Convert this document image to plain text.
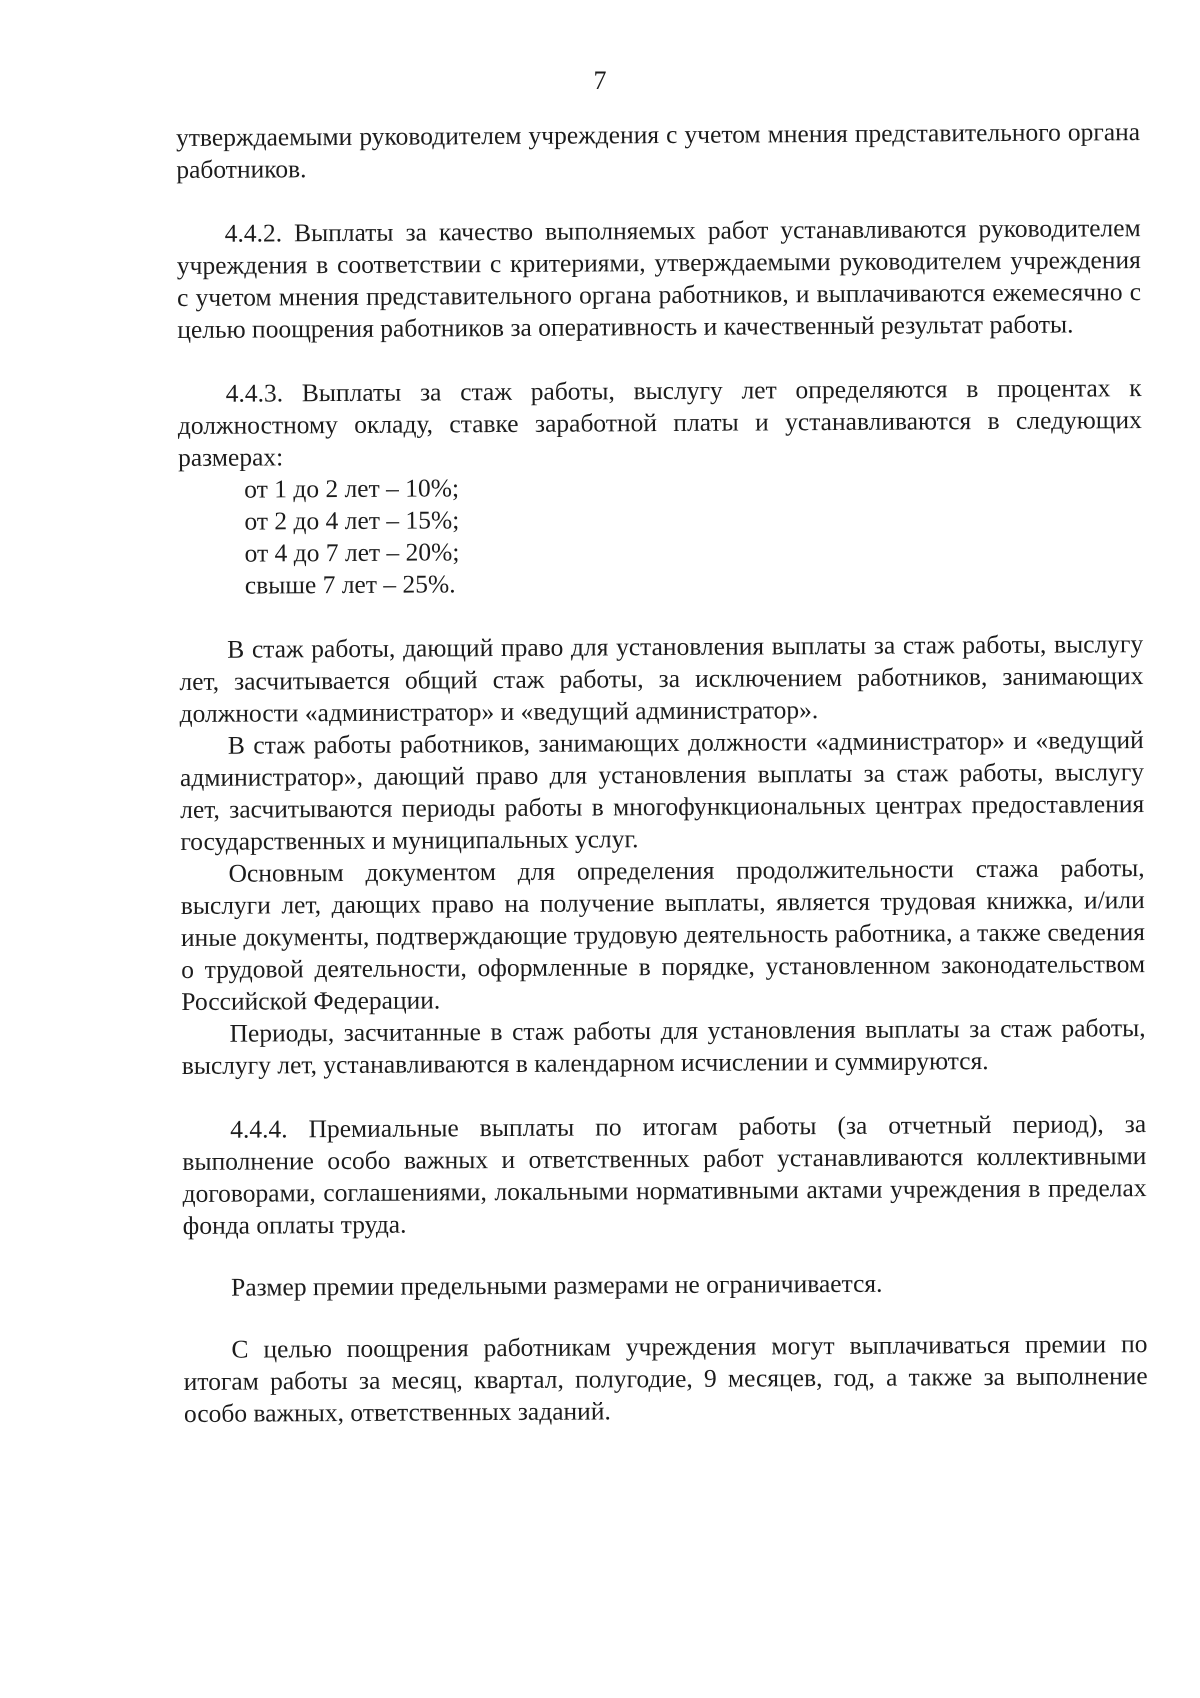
7

утверждаемыми руководителем учреждения с учетом мнения представительного органа работников.

4.4.2. Выплаты за качество выполняемых работ устанавливаются руководителем учреждения в соответствии с критериями, утверждаемыми руководителем учреждения с учетом мнения представительного органа работников, и выплачиваются ежемесячно с целью поощрения работников за оперативность и качественный результат работы.

4.4.3. Выплаты за стаж работы, выслугу лет определяются в процентах к должностному окладу, ставке заработной платы и устанавливаются в следующих размерах:

от 1 до 2 лет – 10%;
от 2 до 4 лет – 15%;
от 4 до 7 лет – 20%;
свыше 7 лет – 25%.

В стаж работы, дающий право для установления выплаты за стаж работы, выслугу лет, засчитывается общий стаж работы, за исключением работников, занимающих должности «администратор» и «ведущий администратор».

В стаж работы работников, занимающих должности «администратор» и «ведущий администратор», дающий право для установления выплаты за стаж работы, выслугу лет, засчитываются периоды работы в многофункциональных центрах предоставления государственных и муниципальных услуг.

Основным документом для определения продолжительности стажа работы, выслуги лет, дающих право на получение выплаты, является трудовая книжка, и/или иные документы, подтверждающие трудовую деятельность работника, а также сведения о трудовой деятельности, оформленные в порядке, установленном законодательством Российской Федерации.

Периоды, засчитанные в стаж работы для установления выплаты за стаж работы, выслугу лет, устанавливаются в календарном исчислении и суммируются.

4.4.4. Премиальные выплаты по итогам работы (за отчетный период), за выполнение особо важных и ответственных работ устанавливаются коллективными договорами, соглашениями, локальными нормативными актами учреждения в пределах фонда оплаты труда.

Размер премии предельными размерами не ограничивается.

С целью поощрения работникам учреждения могут выплачиваться премии по итогам работы за месяц, квартал, полугодие, 9 месяцев, год, а также за выполнение особо важных, ответственных заданий.
